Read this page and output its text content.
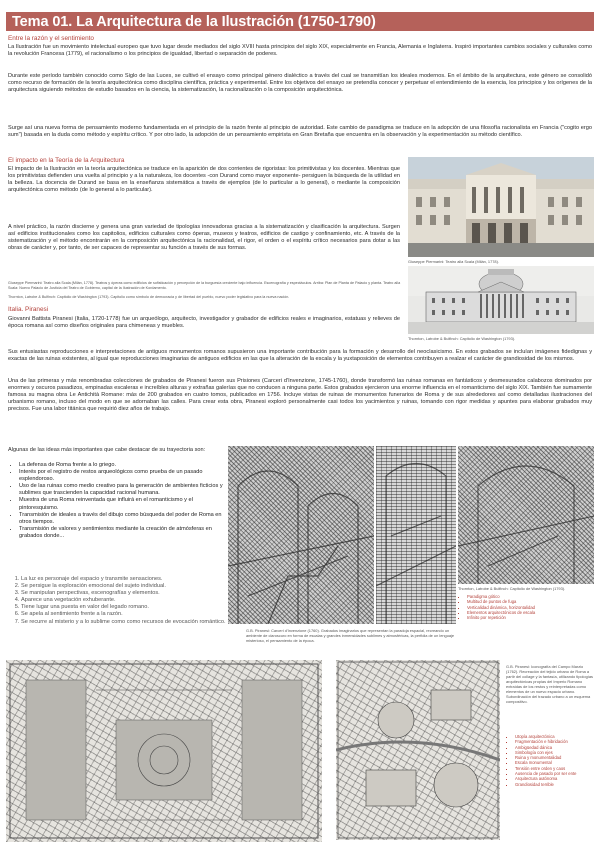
Tema 01. La Arquitectura de la Ilustración (1750-1790)
Entre la razón y el sentimiento

La Ilustración fue un movimiento intelectual europeo que tuvo lugar desde mediados del siglo XVIII hasta principios del siglo XIX, especialmente en Francia, Alemania e Inglaterra. Inspiró importantes cambios sociales y culturales como la revolución Francesa (1779), el racionalismo o los principios de igualdad, libertad o separación de poderes.

Durante este período también conocido como Siglo de las Luces, se cultivó el ensayo como principal género dialéctico a través del cual se transmitían los ideales modernos. En el ámbito de la arquitectura, este género se consolidó como recurso de formación de la teoría arquitectónica como disciplina científica, práctica y experimental. Entre los objetivos del ensayo se pretendía conocer y perpetuar el entendimiento de la esencia, los principios y los orígenes de la arquitectura siguiendo métodos de estudio basados en la ciencia, la sistematización, la racionalización o la composición arquitectónica.

Surge así una nueva forma de pensamiento moderno fundamentada en el principio de la razón frente al principio de autoridad. Este cambio de paradigma se traduce en la adopción de una filosofía racionalista en Francia ("cogito ergo sum") basada en la duda como método y espíritu crítico. Y por otro lado, la adopción de un pensamiento empirista en Gran Bretaña que encuentra en la observación y la experimentación su método científico.

El impacto en la Teoría de la Arquitectura

El impacto de la Ilustración en la teoría arquitectónica se traduce en la aparición de dos corrientes de rigoristas: los primitivistas y los docentes. Mientras que los primitivistas defienden una vuelta al principio y a la naturaleza, los docentes -con Durand como mayor exponente- persiguen la búsqueda de la utilidad en la belleza. La docencia de Durand se basa en la enseñanza sistemática a través de ejemplos (de lo particular a lo general), o mediante la composición arquitectónica como método (de lo general a lo particular).

A nivel práctico, la razón discierne y genera una gran variedad de tipologías innovadoras gracias a la sistematización y clasificación la arquitectura. Surgen así edificios institucionales como los capitolios, edificios culturales como óperas, museos y teatros, edificios de castigo y confinamiento, etc. A través de la sistematización y el método encontrarán en la composición arquitectónica la racionalidad, el rigor, el orden o el espíritu crítico necesarios para dotar a las obras de carácter y, por tanto, de ser capaces de representar su función a través de sus formas.

Giuseppe Piermarini: Teatro alla Scala (Milán, 1778). Teatros y óperas como edificios de sofisticación y percepción de la burguesía creciente bajo influencia. Escenografía y espectáculos. Arriba: Plan de Planta de Palacio y planta. Teatro alla Scala: Nuevo Palacio de Justicia del Teatro de Gobierno, capital de la Ilustración de Kordamento.

Thornton, Latrobe & Bulfinch: Capitolio de Washington (1793). Capitolio como símbolo de democracia y de libertad del pueblo, nuevo poder legislativo para la nueva nación.

Giuseppe Piermarini: Teatro alla Scala (Milán, 1778).
Thornton, Latrobe & Bulfinch: Capitolio de Washington (1793).
Italia. Piranesi

Giovanni Battista Piranesi (Italia, 1720-1778) fue un arqueólogo, arquitecto, investigador y grabador de edificios reales e imaginarios, estatuas y relieves de época romana así como diseños originales para chimeneas y muebles.

Sus entusiastas reproducciones e interpretaciones de antiguos monumentos romanos supusieron una importante contribución para la formación y desarrollo del neoclasicismo. En estos grabados se incluían imágenes fidedignas y exactas de las ruinas existentes, al igual que reproducciones imaginarias de antiguos edificios en las que la alteración de la escala y la yuxtaposición de elementos contribuyen a realzar el carácter de grandiosidad de los mismos.

Una de las primeras y más renombradas colecciones de grabados de Piranesi fueron sus Prisiones (Carceri d'Invenzione, 1745-1760), donde transformó las ruinas romanas en fantásticos y desmesurados calabozos dominados por enormes y oscuros pasadizos, empinadas escaleras e increíbles alturas y extrañas galerías que no conducen a ninguna parte. Estos grabados ejercieron una enorme influencia en el romanticismo del siglo XIX. También fue sumamente famosa su magna obra Le Antichità Romane: más de 200 grabados en cuatro tomos, publicados en 1756. Incluye vistas de ruinas de monumentos funerarios de Roma y de sus alrededores así como detalladas ilustraciones del urbanismo romano, incluso del modo en que se adornaban las calles. Para crear esta obra, Piranesi exploró personalmente casi todos los yacimientos y ruinas, tomando con rigor medidas y apuntes para elaborar grabados muy precisos. Fue una labor titánica que requirió diez años de trabajo.

Algunas de las ideas más importantes que cabe destacar de su trayectoria son:

• La defensa de Roma frente a lo griego.
• Interés por el registro de restos arqueológicos como prueba de un pasado esplendoroso.
• Uso de las ruinas como medio creativo para la generación de ambientes ficticios y sublimes que trascienden la capacidad racional humana.
• Muestra de una Roma reinventada que influirá en el romanticismo y el pintoresquismo.
• Transmisión de ideales a través del dibujo como búsqueda del poder de Roma en otros tiempos.
• Transmisión de valores y sentimientos mediante la creación de atmósferas en grabados donde...
1. La luz es personaje del espacio y transmite sensaciones.
2. Se persigue la exploración emocional del sujeto individual.
3. Se manipulan perspectivas, escenografías y elementos.
4. Aparece una vegetación exhuberante.
5. Tiene lugar una puesta en valor del legado romano.
6. Se apela al sentimiento frente a la razón.
7. Se recurre al misterio y a lo sublime como como recursos de evocación romántico.
Thornton, Latrobe & Bulfinch: Capitolio de Washington (1793).
▪ Paradigma gótico
▪ Multitud de puntos de fuga
▪ Verticalidad dinámica, horizontalidad
▪ Elementos arquitectónicos de escala
▪ Infinito por repetición

G.B. Piranesi: Carceri d'Invenzione (1760). Grabados imaginarios que representan la paradoja espacial, recreando un ambiente de claroscuro en forma de escalas y grandes inmensidades sublimes y atmosféricas, la perfidia de un lenguaje misterioso, el pensamiento de la época.

G.B. Piranesi: Iconografía del Campo Marzio (1762). Recreación del tejido urbano de Roma a partir del collage y la fantasía, utilizando tipologías arquitectónicas propias del Imperio Romano extraídas de los restos y reinterpretadas como elementos de un nuevo espacio urbano. Subordinación del trazado urbano a un esquema compositivo.

▪ Utopía arquitectónica
▪ Fragmentación e hibridación
▪ Ambigüedad dánica
▪ Simbología con ejes
▪ Ruina y monumentalidad
▪ Escala monumental
▪ Tensión entre orden y caos
▪ Ausencia de pasado por ser ente
▪ Arquitectura autónoma
▪ Grandiosidad terrible
